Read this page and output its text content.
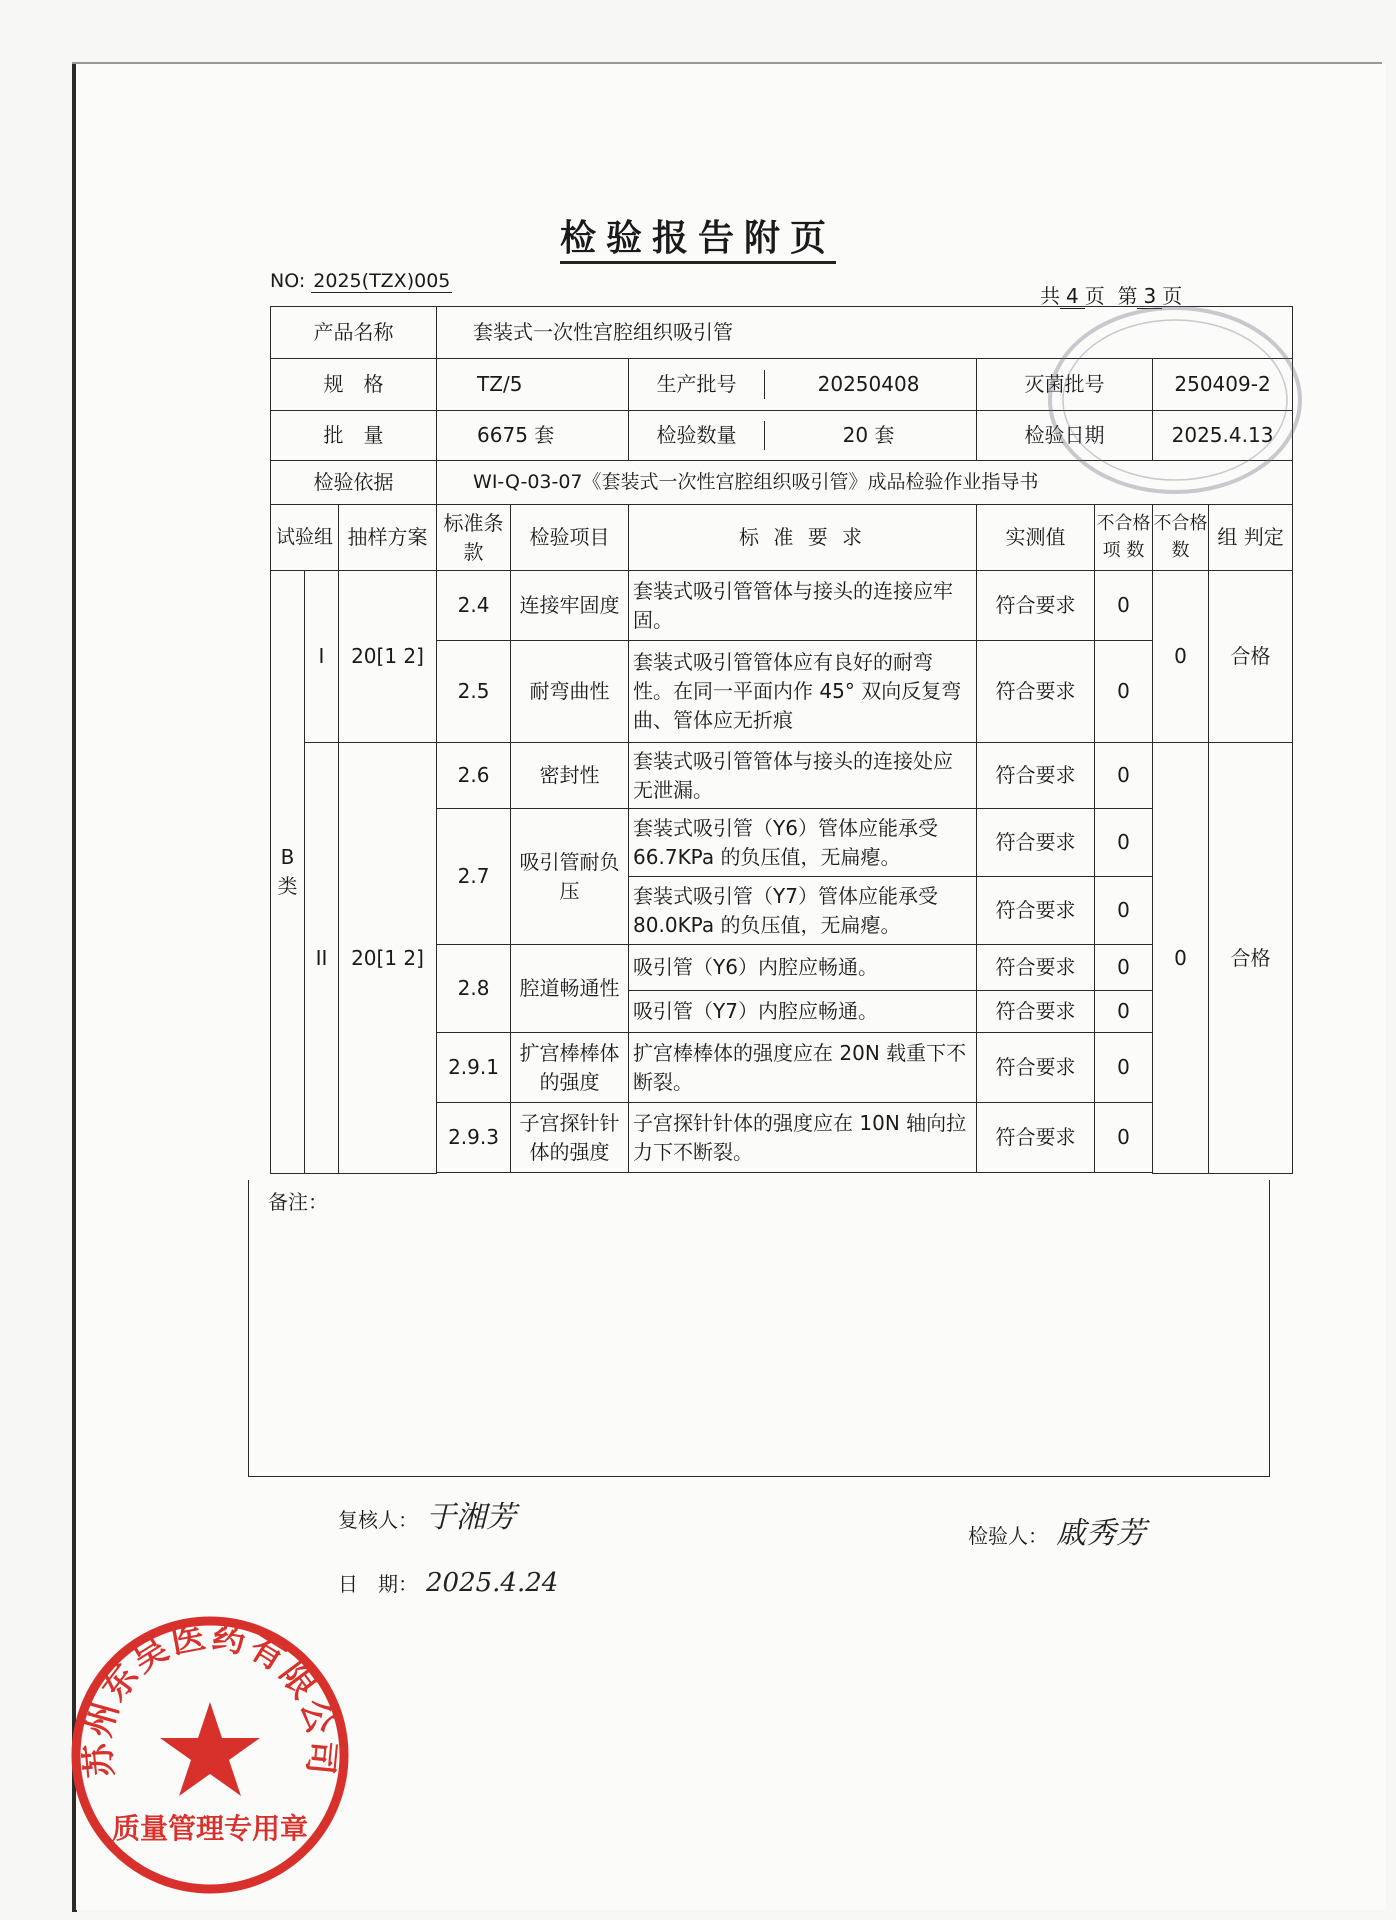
检验报告附页
NO: 2025(TZX)005
共 4 页 第 3 页
产品名称			套装式一次性宫腔组织吸引管						
规　格			TZ/5		生产批号 20250408	灭菌批号		250409-2	
批　量			6675 套		检验数量 20 套	检验日期		2025.4.13	
检验依据			WI-Q-03-07《套装式一次性宫腔组织吸引管》成品检验作业指导书						
试验组		抽样方案	标准条款	检验项目	标 准 要 求	实测值	不合格项 数	不合格数	组 判定
B类	I	20[1 2]	2.4	连接牢固度	套装式吸引管管体与接头的连接应牢固。	符合要求	0	0	合格
			2.5	耐弯曲性	套装式吸引管管体应有良好的耐弯性。在同一平面内作 45° 双向反复弯曲、管体应无折痕	符合要求	0		
	II	20[1 2]	2.6	密封性	套装式吸引管管体与接头的连接处应无泄漏。	符合要求	0	0	合格
			2.7	吸引管耐负压	套装式吸引管（Y6）管体应能承受66.7KPa 的负压值，无扁瘪。	符合要求	0		
					套装式吸引管（Y7）管体应能承受80.0KPa 的负压值，无扁瘪。	符合要求	0		
			2.8	腔道畅通性	吸引管（Y6）内腔应畅通。	符合要求	0		
					吸引管（Y7）内腔应畅通。	符合要求	0		
			2.9.1	扩宫棒棒体的强度	扩宫棒棒体的强度应在 20N 载重下不断裂。	符合要求	0		
			2.9.3	子宫探针针体的强度	子宫探针针体的强度应在 10N 轴向拉力下不断裂。	符合要求	0		

备注：
复核人： 于湘芳
检验人： 戚秀芳
日　期： 2025.4.24
苏州东吴医药有限公司
质量管理专用章
